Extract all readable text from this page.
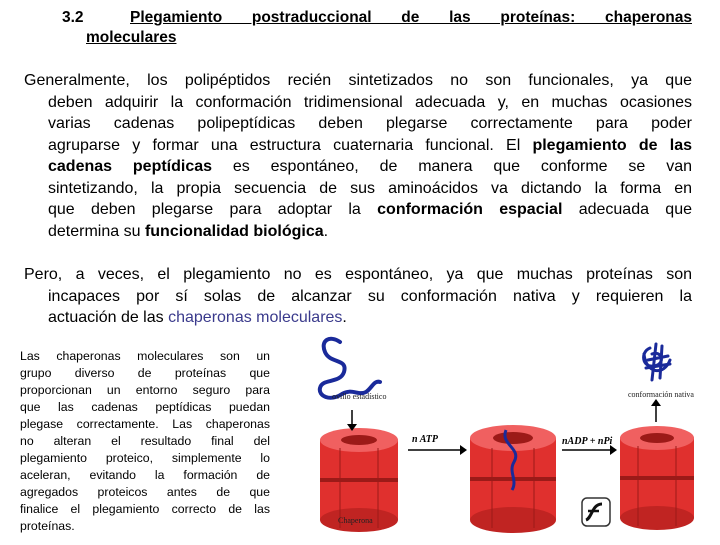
3.2	Plegamiento postraduccional de las proteínas: chaperonas
moleculares
Generalmente, los polipéptidos recién sintetizados no son funcionales, ya que
deben adquirir la conformación tridimensional adecuada y, en muchas ocasiones
varias cadenas polipeptídicas deben plegarse correctamente para poder
agruparse y formar una estructura cuaternaria funcional. El plegamiento de las
cadenas peptídicas es espontáneo, de manera que conforme se van
sintetizando, la propia secuencia de sus aminoácidos va dictando la forma en
que deben plegarse para adoptar la conformación espacial adecuada que
determina su funcionalidad biológica.
Pero, a veces, el plegamiento no es espontáneo, ya que muchas proteínas son
incapaces por sí solas de alcanzar su conformación nativa y requieren la
actuación de las chaperonas moleculares.
Las chaperonas moleculares son un
grupo diverso de proteínas que
proporcionan un entorno seguro para
que las cadenas peptídicas puedan
plegase correctamente. Las chaperonas
no alteran el resultado final del
plegamiento proteico, simplemente lo
aceleran, evitando la formación de
agregados proteicos antes de que
finalice el plegamiento correcto de las
proteínas.
ovillo estadístico	conformación nativa
n ATP	nADP + nPi
Chaperona
